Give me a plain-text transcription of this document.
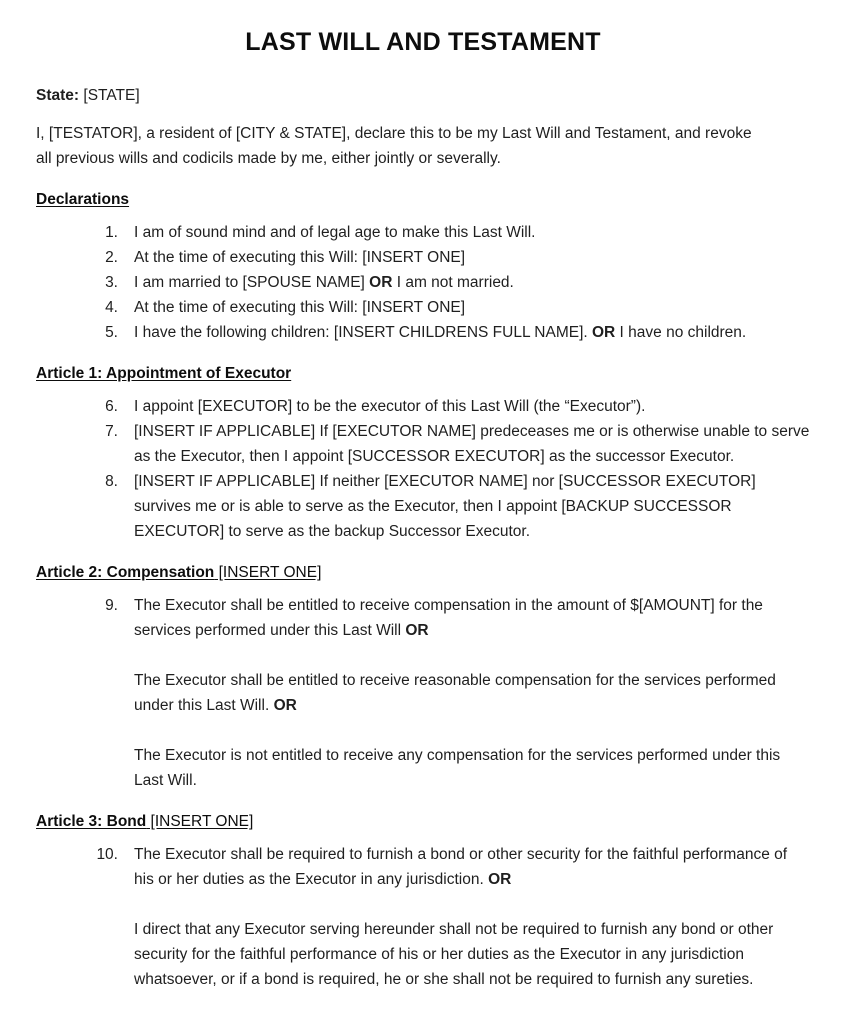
LAST WILL AND TESTAMENT

State: [STATE]

I, [TESTATOR], a resident of [CITY & STATE], declare this to be my Last Will and Testament, and revoke all previous wills and codicils made by me, either jointly or severally.

Declarations
1. I am of sound mind and of legal age to make this Last Will.
2. At the time of executing this Will: [INSERT ONE]
3. I am married to [SPOUSE NAME] OR I am not married.
4. At the time of executing this Will: [INSERT ONE]
5. I have the following children: [INSERT CHILDRENS FULL NAME]. OR I have no children.
Article 1: Appointment of Executor
6. I appoint [EXECUTOR] to be the executor of this Last Will (the “Executor”).
7. [INSERT IF APPLICABLE] If [EXECUTOR NAME] predeceases me or is otherwise unable to serve as the Executor, then I appoint [SUCCESSOR EXECUTOR] as the successor Executor.
8. [INSERT IF APPLICABLE] If neither [EXECUTOR NAME] nor [SUCCESSOR EXECUTOR] survives me or is able to serve as the Executor, then I appoint [BACKUP SUCCESSOR EXECUTOR] to serve as the backup Successor Executor.
Article 2: Compensation [INSERT ONE]
9. The Executor shall be entitled to receive compensation in the amount of $[AMOUNT] for the services performed under this Last Will OR
The Executor shall be entitled to receive reasonable compensation for the services performed under this Last Will. OR
The Executor is not entitled to receive any compensation for the services performed under this Last Will.
Article 3: Bond [INSERT ONE]
10. The Executor shall be required to furnish a bond or other security for the faithful performance of his or her duties as the Executor in any jurisdiction. OR
I direct that any Executor serving hereunder shall not be required to furnish any bond or other security for the faithful performance of his or her duties as the Executor in any jurisdiction whatsoever, or if a bond is required, he or she shall not be required to furnish any sureties.
